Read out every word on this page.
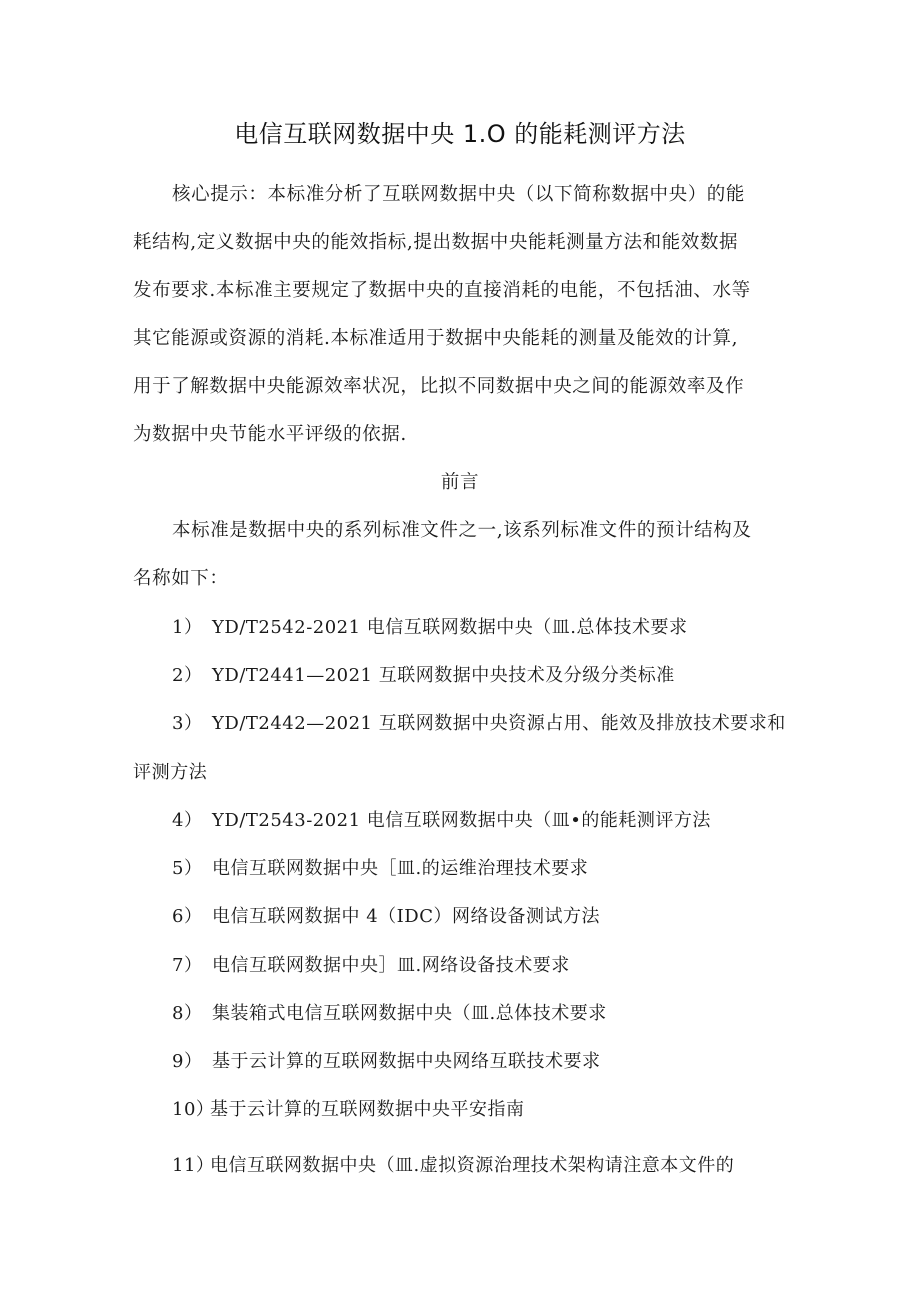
电信互联网数据中央 1.O 的能耗测评方法
核心提示：本标准分析了互联网数据中央（以下简称数据中央）的能
耗结构,定义数据中央的能效指标,提出数据中央能耗测量方法和能效数据
发布要求.本标准主要规定了数据中央的直接消耗的电能，不包括油、水等
其它能源或资源的消耗.本标准适用于数据中央能耗的测量及能效的计算,
用于了解数据中央能源效率状况，比拟不同数据中央之间的能源效率及作
为数据中央节能水平评级的依据.
前言
本标准是数据中央的系列标准文件之一,该系列标准文件的预计结构及
名称如下：
1） YD/T2542-2021 电信互联网数据中央（皿.总体技术要求
2） YD/T2441—2021 互联网数据中央技术及分级分类标准
3） YD/T2442—2021 互联网数据中央资源占用、能效及排放技术要求和
评测方法
4） YD/T2543-2021 电信互联网数据中央（皿•的能耗测评方法
5） 电信互联网数据中央［皿.的运维治理技术要求
6） 电信互联网数据中 4（IDC）网络设备测试方法
7） 电信互联网数据中央］皿.网络设备技术要求
8） 集装箱式电信互联网数据中央（皿.总体技术要求
9） 基于云计算的互联网数据中央网络互联技术要求
10）基于云计算的互联网数据中央平安指南
11）电信互联网数据中央（皿.虚拟资源治理技术架构请注意本文件的
